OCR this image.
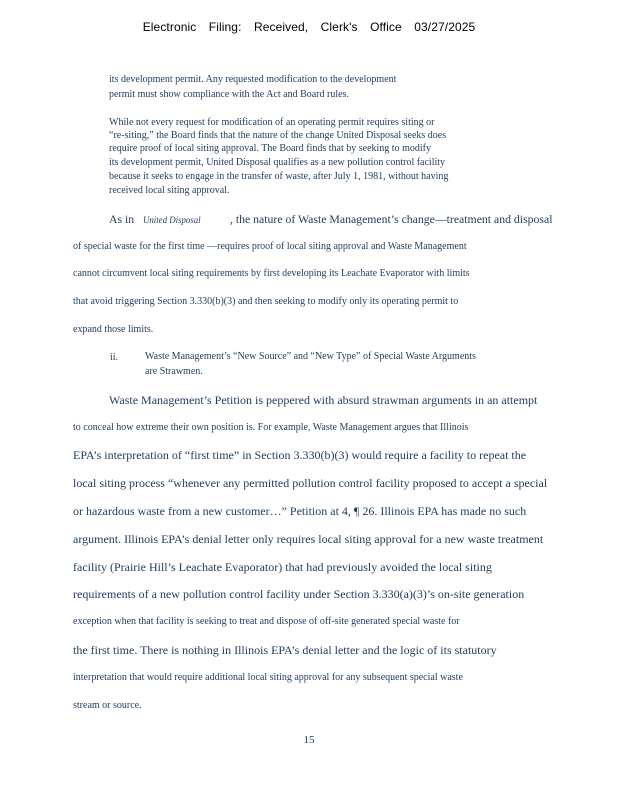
Electronic Filing: Received, Clerk's Office 03/27/2025
its development permit. Any requested modification to the development
permit must show compliance with the Act and Board rules.
While not every request for modification of an operating permit requires siting or
“re-siting,” the Board finds that the nature of the change United Disposal seeks does
require proof of local siting approval. The Board finds that by seeking to modify
its development permit, United Disposal qualifies as a new pollution control facility
because it seeks to engage in the transfer of waste, after July 1, 1981, without having
received local siting approval.
As in United Disposal , the nature of Waste Management’s change—treatment and disposal
of special waste for the first time —requires proof of local siting approval and Waste Management
cannot circumvent local siting requirements by first developing its Leachate Evaporator with limits
that avoid triggering Section 3.330(b)(3) and then seeking to modify only its operating permit to
expand those limits.
ii.	Waste Management’s “New Source” and “New Type” of Special Waste Arguments
are Strawmen.
Waste Management’s Petition is peppered with absurd strawman arguments in an attempt
to conceal how extreme their own position is. For example, Waste Management argues that Illinois
EPA’s interpretation of “first time” in Section 3.330(b)(3) would require a facility to repeat the
local siting process “whenever any permitted pollution control facility proposed to accept a special
or hazardous waste from a new customer…” Petition at 4, ¶ 26. Illinois EPA has made no such
argument. Illinois EPA’s denial letter only requires local siting approval for a new waste treatment
facility (Prairie Hill’s Leachate Evaporator) that had previously avoided the local siting
requirements of a new pollution control facility under Section 3.330(a)(3)’s on-site generation
exception when that facility is seeking to treat and dispose of off-site generated special waste for
the first time. There is nothing in Illinois EPA’s denial letter and the logic of its statutory
interpretation that would require additional local siting approval for any subsequent special waste
stream or source.
15
